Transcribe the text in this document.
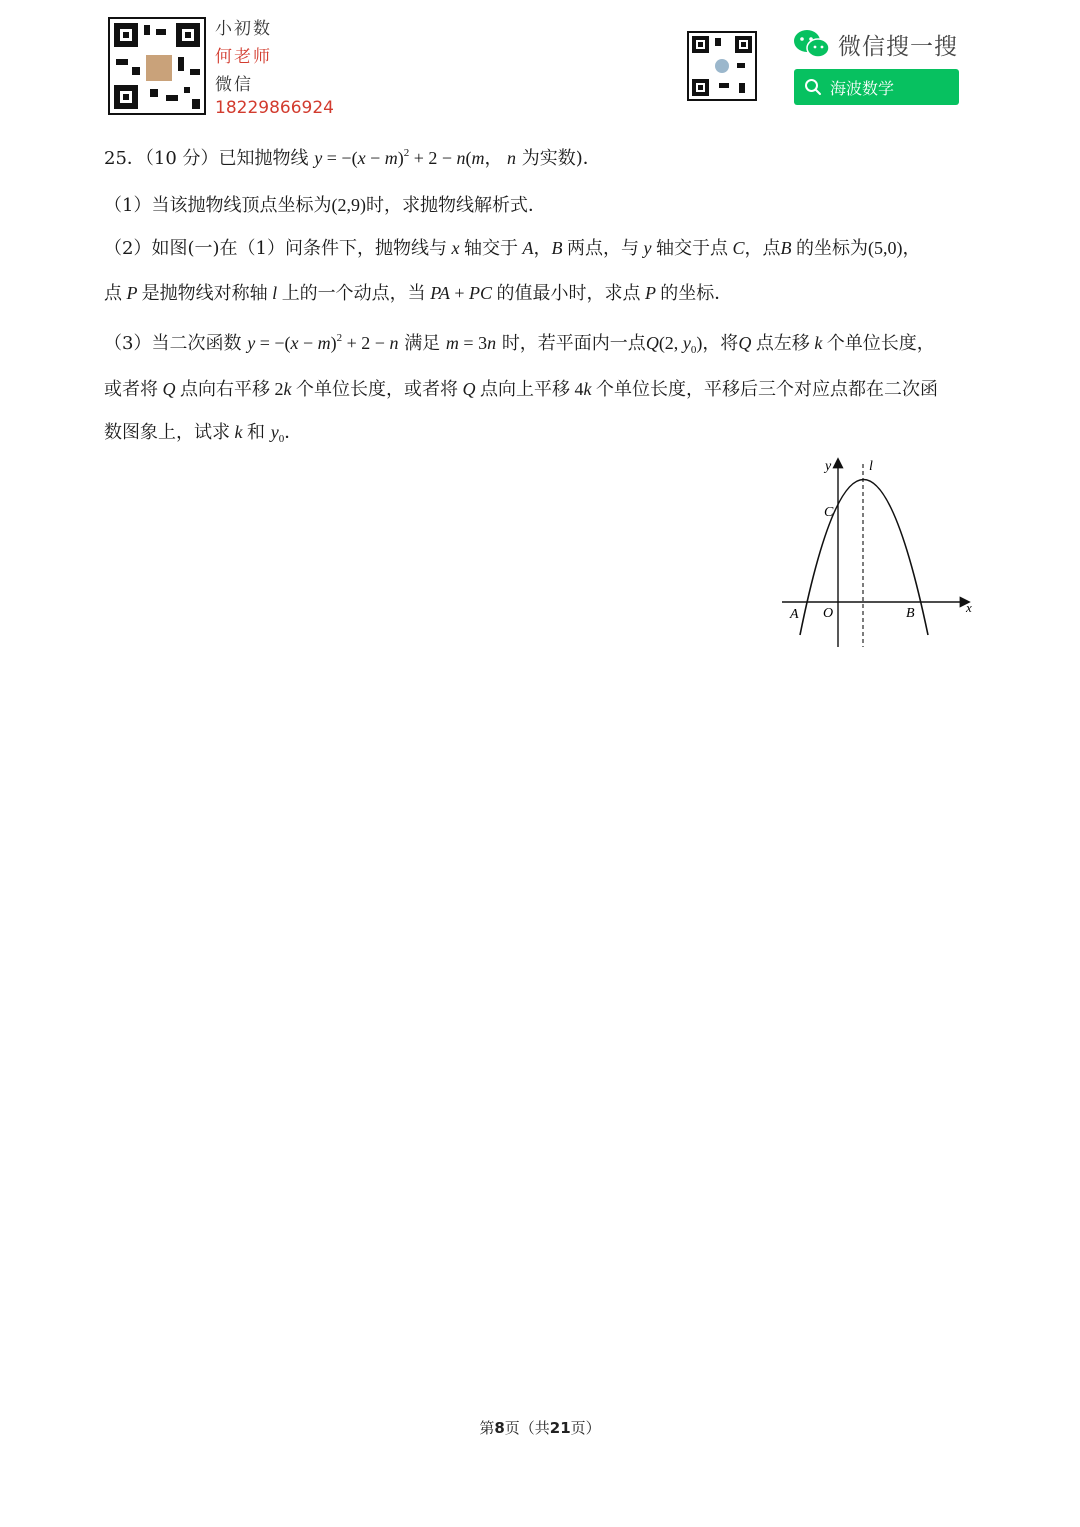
小初数
何老师
微信
18229866924
微信搜一搜
海波数学
25．（10 分）已知抛物线 $y = -(x - m)^2 + 2 - n(m$， n 为实数)．
（1）当该抛物线顶点坐标为(2,9)时，求抛物线解析式．
（2）如图(一)在（1）问条件下，抛物线与 x 轴交于 A，B 两点，与 y 轴交于点 C，点B 的坐标为(5,0)，
点 P 是抛物线对称轴 l 上的一个动点，当 PA + PC 的值最小时，求点 P 的坐标．
（3）当二次函数 $y = -(x - m)^2 + 2 - n$ 满足 m = 3n 时，若平面内一点Q(2, $y_0$)，将Q 点左移 k 个单位长度，
或者将 Q 点向右平移 2k 个单位长度，或者将 Q 点向上平移 4k 个单位长度，平移后三个对应点都在二次函
数图象上，试求 k 和 $y_0$．
y	l
x
C
A O	B
第8页（共21页）
